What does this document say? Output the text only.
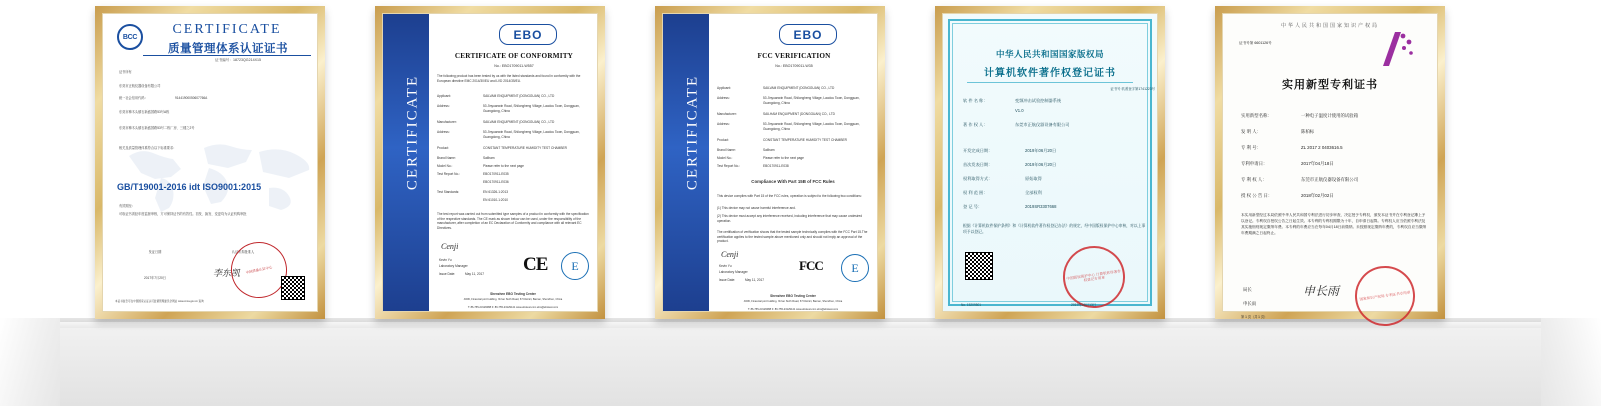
BCC	CERTIFICATE
质量管理体系认证证书
证书编号：18723QG214X15
证书所有
东莞市正航仪器设备有限公司
统一社会信用代码：	91441900050607766A
东莞市樟木头镇石新盛国路53号A栋
东莞市樟木头镇石新盛国路53号二栋厂房、三楼之2号
相关及质量管理体系符合以下标准要求：
GB/T19001-2016 idt ISO9001:2015
有效期至：
可取证书须经年度监督审核，方可保持证书的有效性。初发、换发、变更均为认证机构审批
发证日期	认证机构批准人
2017年7月20日	李东凯	中国质量认证中心
本证书信息可在中国国家认证认可监督管理委员会网站 www.cnca.gov.cn 查询
CERTIFICATE
EBO
CERTIFICATE OF CONFORMITY
No.: EBO1709011-W557
The following product has been tested by us with the listed standards and found in conformity with the European directive EMC 2014/30/EU and LVD 2014/35/EU.
Applicant:	SAILVAM ENQUIPMENT (DONGGUAN) CO., LTD
Address:	53 Jinyuanwin Road, Shilongheng Village, Laodou Town, Dongguan, Guangdong, China
Manufacturer:	SAILVAM ENQUIPMENT (DONGGUAN) CO., LTD
Address:	53 Jinyuanwin Road, Shilongheng Village, Laodou Town, Dongguan, Guangdong, China
Product:	CONSTANT TEMPERATURE HUMIDITY TEST CHAMBER
Brand Name:	Sailham
Model No.:	Please refer to the next page
Test Report No.:	EBO170911-E035
EBO170911-E036
Test Standards:	EN 61326-1:2013
EN 61010-1:2010
The test report was carried out from submitted type samples of a product in conformity with the specification of the respective standards. The CE mark as shown below can be used, under the responsibility of the manufacturer, after completion of an EC Declaration of Conformity and compliance with all relevant EC Directives.
Cenji
Kevin Yu
Laboratory Manager
Issue Date:	May 11, 2017	CE	E
Shenzhen EBO Testing Center
A506, Financial port building, Xin'an Sixth Road, 67 District, Bao'an, Shenzhen, China
T: 86-755-23129088 F: 86-755-23129141 www.ebotest.com ebo@ebotest.com
CERTIFICATE
EBO
FCC VERIFICATION
No.: EBO1709011-W35
Applicant:	SAILVAM ENQUIPMENT (DONGGUAN) CO., LTD
Address:	53 Jinyuanwin Road, Shilongheng Village, Laodou Town, Dongguan, Guangdong, China
Manufacturer:	SAILHAM ENQUIPMENT (DONGGUAN) CO., LTD
Address:	53 Jinyuanwin Road, Shilongheng Village, Laodou Town, Dongguan, Guangdong, China
Product:	CONSTANT TEMPERATURE HUMIDITY TEST CHAMBER
Brand Name:	Sailham
Model No.:	Please refer to the next page
Test Report No.:	EBO170911-E038
Compliance With Part 15B of FCC Rules
This device complies with Part 15 of the FCC rules, operation is subject to the following two conditions:
(1) This device may not cause harmful interference and.
(2) This device must accept any interference received, including interference that may cause undesired operation.
The certification of verification shows that the tested sample technically complies with the FCC Part 15.The certification applies to the tested sample above mentioned only and should not imply an approval of the product.
Cenji
Kevin Yu
Laboratory Manager
Issue Date:	May 11, 2017
FCC	E
Shenzhen EBO Testing Center
A506, Financial port building, Xin'an Sixth Road, 67 District, Bao'an, Shenzhen, China
T: 86-755-23129088 F: 86-755-23129141 www.ebotest.com ebo@ebotest.com
中华人民共和国国家版权局
计算机软件著作权登记证书
证书号 软著登字第1741223号
软 件 名 称：	变频冲击试验控制器系统
V1.0
著 作 权 人：	东莞市正航仪器设备有限公司
开发完成日期：	2019年06月20日
首次发表日期：	2019年06月20日
权利取得方式：	原始取得
权 利 范 围：	全部权利
登 记 号：	2019SR3307668
根据《计算机软件保护条例》和《计算机软件著作权登记办法》的规定，经中国版权保护中心审核，对以上事项予以登记。
中国版权保护中心 计算机软件著作权登记专用章
2019年08月13日
No. 15209501
中华人民共和国国家知识产权局
证书号第 6601126号
实用新型专利证书
实用新型名称：	一种电子温度计使用的试验箱
发 明 人：	陈柏标
专 利 号：	ZL 2017 2 0403616.5
专利申请日：	2017年04月18日
专 利 权 人：	东莞市正航仪器设备有限公司
授 权 公 告 日：	2018年02月02日
本实用新型经过本局依照中华人民共和国专利法进行初步审查，决定授予专利权，颁发本证书并在专利登记簿上予以登记。专利权自授权公告之日起生效。本专利的专利权期限为十年，自申请日起算。专利权人应当依照专利法及其实施细则规定缴纳年费。本专利的年费应当在每年04月18日前缴纳。未按照规定缴纳年费的，专利权自应当缴纳年费期满之日起终止。
局长
申长雨
申长雨	国家知识产权局 专利证书专用章
第 1 页（共 1 页）
